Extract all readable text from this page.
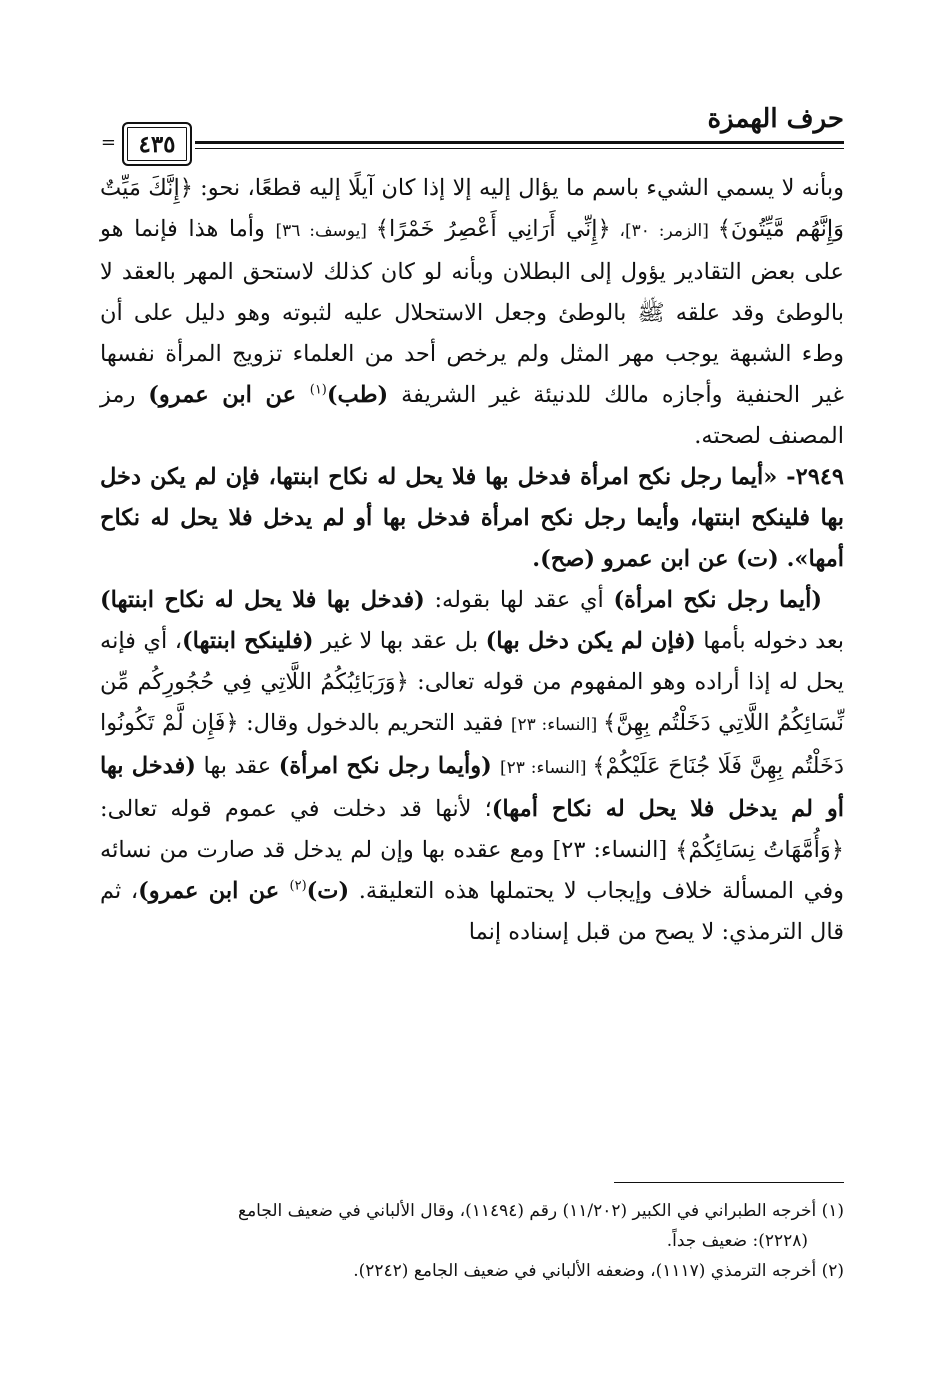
حرف الهمزة
٤٣٥
=

وبأنه لا يسمي الشيء باسم ما يؤال إليه إلا إذا كان آيلًا إليه قطعًا، نحو: ﴿إِنَّكَ مَيِّتٌ وَإِنَّهُم مَّيِّتُونَ﴾ [الزمر: ٣٠]، ﴿إِنِّي أَرَانِي أَعْصِرُ خَمْرًا﴾ [يوسف: ٣٦] وأما هذا فإنما هو على بعض التقادير يؤول إلى البطلان وبأنه لو كان كذلك لاستحق المهر بالعقد لا بالوطئ وقد علقه ﷺ بالوطئ وجعل الاستحلال عليه لثبوته وهو دليل على أن وطء الشبهة يوجب مهر المثل ولم يرخص أحد من العلماء تزويج المرأة نفسها غير الحنفية وأجازه مالك للدنيئة غير الشريفة (طب)$^{(١)}$ عن ابن عمرو) رمز المصنف لصحته.

٢٩٤٩- «أيما رجل نكح امرأة فدخل بها فلا يحل له نكاح ابنتها، فإن لم يكن دخل بها فلينكح ابنتها، وأيما رجل نكح امرأة فدخل بها أو لم يدخل فلا يحل له نكاح أمها». (ت) عن ابن عمرو (صح).

(أيما رجل نكح امرأة) أي عقد لها بقوله: (فدخل بها فلا يحل له نكاح ابنتها) بعد دخوله بأمها (فإن لم يكن دخل بها) بل عقد بها لا غير (فلينكح ابنتها)، أي فإنه يحل له إذا أراده وهو المفهوم من قوله تعالى: ﴿وَرَبَائِبُكُمُ اللَّاتِي فِي حُجُورِكُم مِّن نِّسَائِكُمُ اللَّاتِي دَخَلْتُم بِهِنَّ﴾ [النساء: ٢٣] فقيد التحريم بالدخول وقال: ﴿فَإِن لَّمْ تَكُونُوا دَخَلْتُم بِهِنَّ فَلَا جُنَاحَ عَلَيْكُمْ﴾ [النساء: ٢٣] (وأيما رجل نكح امرأة) عقد بها (فدخل بها أو لم يدخل فلا يحل له نكاح أمها)؛ لأنها قد دخلت في عموم قوله تعالى: ﴿وَأُمَّهَاتُ نِسَائِكُمْ﴾ [النساء: ٢٣] ومع عقده بها وإن لم يدخل قد صارت من نسائه وفي المسألة خلاف وإيجاب لا يحتملها هذه التعليقة. (ت)$^{(٢)}$ عن ابن عمرو)، ثم قال الترمذي: لا يصح من قبل إسناده إنما

(١) أخرجه الطبراني في الكبير (١١/٢٠٢) رقم (١١٤٩٤)، وقال الألباني في ضعيف الجامع

(٢٢٢٨): ضعيف جداً.

(٢) أخرجه الترمذي (١١١٧)، وضعفه الألباني في ضعيف الجامع (٢٢٤٢).
